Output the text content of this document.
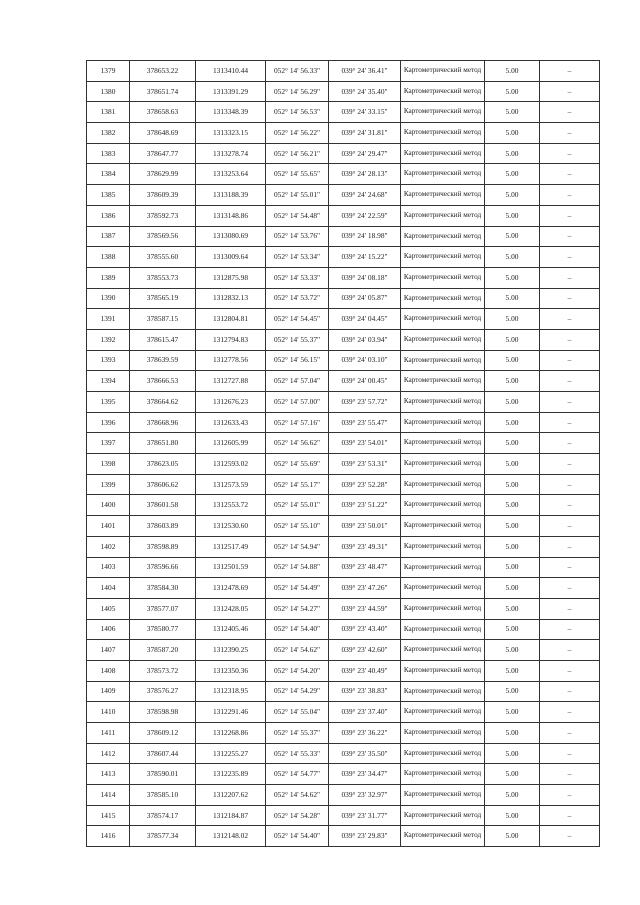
1379	378653.22	1313410.44	052° 14' 56.33"	039° 24' 36.41"	Картометрический метод	5.00	–
1380	378651.74	1313391.29	052° 14' 56.29"	039° 24' 35.40"	Картометрический метод	5.00	–
1381	378658.63	1313348.39	052° 14' 56.53"	039° 24' 33.15"	Картометрический метод	5.00	–
1382	378648.69	1313323.15	052° 14' 56.22"	039° 24' 31.81"	Картометрический метод	5.00	–
1383	378647.77	1313278.74	052° 14' 56.21"	039° 24' 29.47"	Картометрический метод	5.00	–
1384	378629.99	1313253.64	052° 14' 55.65"	039° 24' 28.13"	Картометрический метод	5.00	–
1385	378609.39	1313188.39	052° 14' 55.01"	039° 24' 24.68"	Картометрический метод	5.00	–
1386	378592.73	1313148.86	052° 14' 54.48"	039° 24' 22.59"	Картометрический метод	5.00	–
1387	378569.56	1313080.69	052° 14' 53.76"	039° 24' 18.98"	Картометрический метод	5.00	–
1388	378555.60	1313009.64	052° 14' 53.34"	039° 24' 15.22"	Картометрический метод	5.00	–
1389	378553.73	1312875.98	052° 14' 53.33"	039° 24' 08.18"	Картометрический метод	5.00	–
1390	378565.19	1312832.13	052° 14' 53.72"	039° 24' 05.87"	Картометрический метод	5.00	–
1391	378587.15	1312804.81	052° 14' 54.45"	039° 24' 04.45"	Картометрический метод	5.00	–
1392	378615.47	1312794.83	052° 14' 55.37"	039° 24' 03.94"	Картометрический метод	5.00	–
1393	378639.59	1312778.56	052° 14' 56.15"	039° 24' 03.10"	Картометрический метод	5.00	–
1394	378666.53	1312727.88	052° 14' 57.04"	039° 24' 00.45"	Картометрический метод	5.00	–
1395	378664.62	1312676.23	052° 14' 57.00"	039° 23' 57.72"	Картометрический метод	5.00	–
1396	378668.96	1312633.43	052° 14' 57.16"	039° 23' 55.47"	Картометрический метод	5.00	–
1397	378651.80	1312605.99	052° 14' 56.62"	039° 23' 54.01"	Картометрический метод	5.00	–
1398	378623.05	1312593.02	052° 14' 55.69"	039° 23' 53.31"	Картометрический метод	5.00	–
1399	378606.62	1312573.59	052° 14' 55.17"	039° 23' 52.28"	Картометрический метод	5.00	–
1400	378601.58	1312553.72	052° 14' 55.01"	039° 23' 51.22"	Картометрический метод	5.00	–
1401	378603.89	1312530.60	052° 14' 55.10"	039° 23' 50.01"	Картометрический метод	5.00	–
1402	378598.89	1312517.49	052° 14' 54.94"	039° 23' 49.31"	Картометрический метод	5.00	–
1403	378596.66	1312501.59	052° 14' 54.88"	039° 23' 48.47"	Картометрический метод	5.00	–
1404	378584.30	1312478.69	052° 14' 54.49"	039° 23' 47.26"	Картометрический метод	5.00	–
1405	378577.07	1312428.05	052° 14' 54.27"	039° 23' 44.59"	Картометрический метод	5.00	–
1406	378580.77	1312405.46	052° 14' 54.40"	039° 23' 43.40"	Картометрический метод	5.00	–
1407	378587.20	1312390.25	052° 14' 54.62"	039° 23' 42.60"	Картометрический метод	5.00	–
1408	378573.72	1312350.36	052° 14' 54.20"	039° 23' 40.49"	Картометрический метод	5.00	–
1409	378576.27	1312318.95	052° 14' 54.29"	039° 23' 38.83"	Картометрический метод	5.00	–
1410	378598.98	1312291.46	052° 14' 55.04"	039° 23' 37.40"	Картометрический метод	5.00	–
1411	378609.12	1312268.86	052° 14' 55.37"	039° 23' 36.22"	Картометрический метод	5.00	–
1412	378607.44	1312255.27	052° 14' 55.33"	039° 23' 35.50"	Картометрический метод	5.00	–
1413	378590.01	1312235.89	052° 14' 54.77"	039° 23' 34.47"	Картометрический метод	5.00	–
1414	378585.10	1312207.62	052° 14' 54.62"	039° 23' 32.97"	Картометрический метод	5.00	–
1415	378574.17	1312184.87	052° 14' 54.28"	039° 23' 31.77"	Картометрический метод	5.00	–
1416	378577.34	1312148.02	052° 14' 54.40"	039° 23' 29.83"	Картометрический метод	5.00	–
